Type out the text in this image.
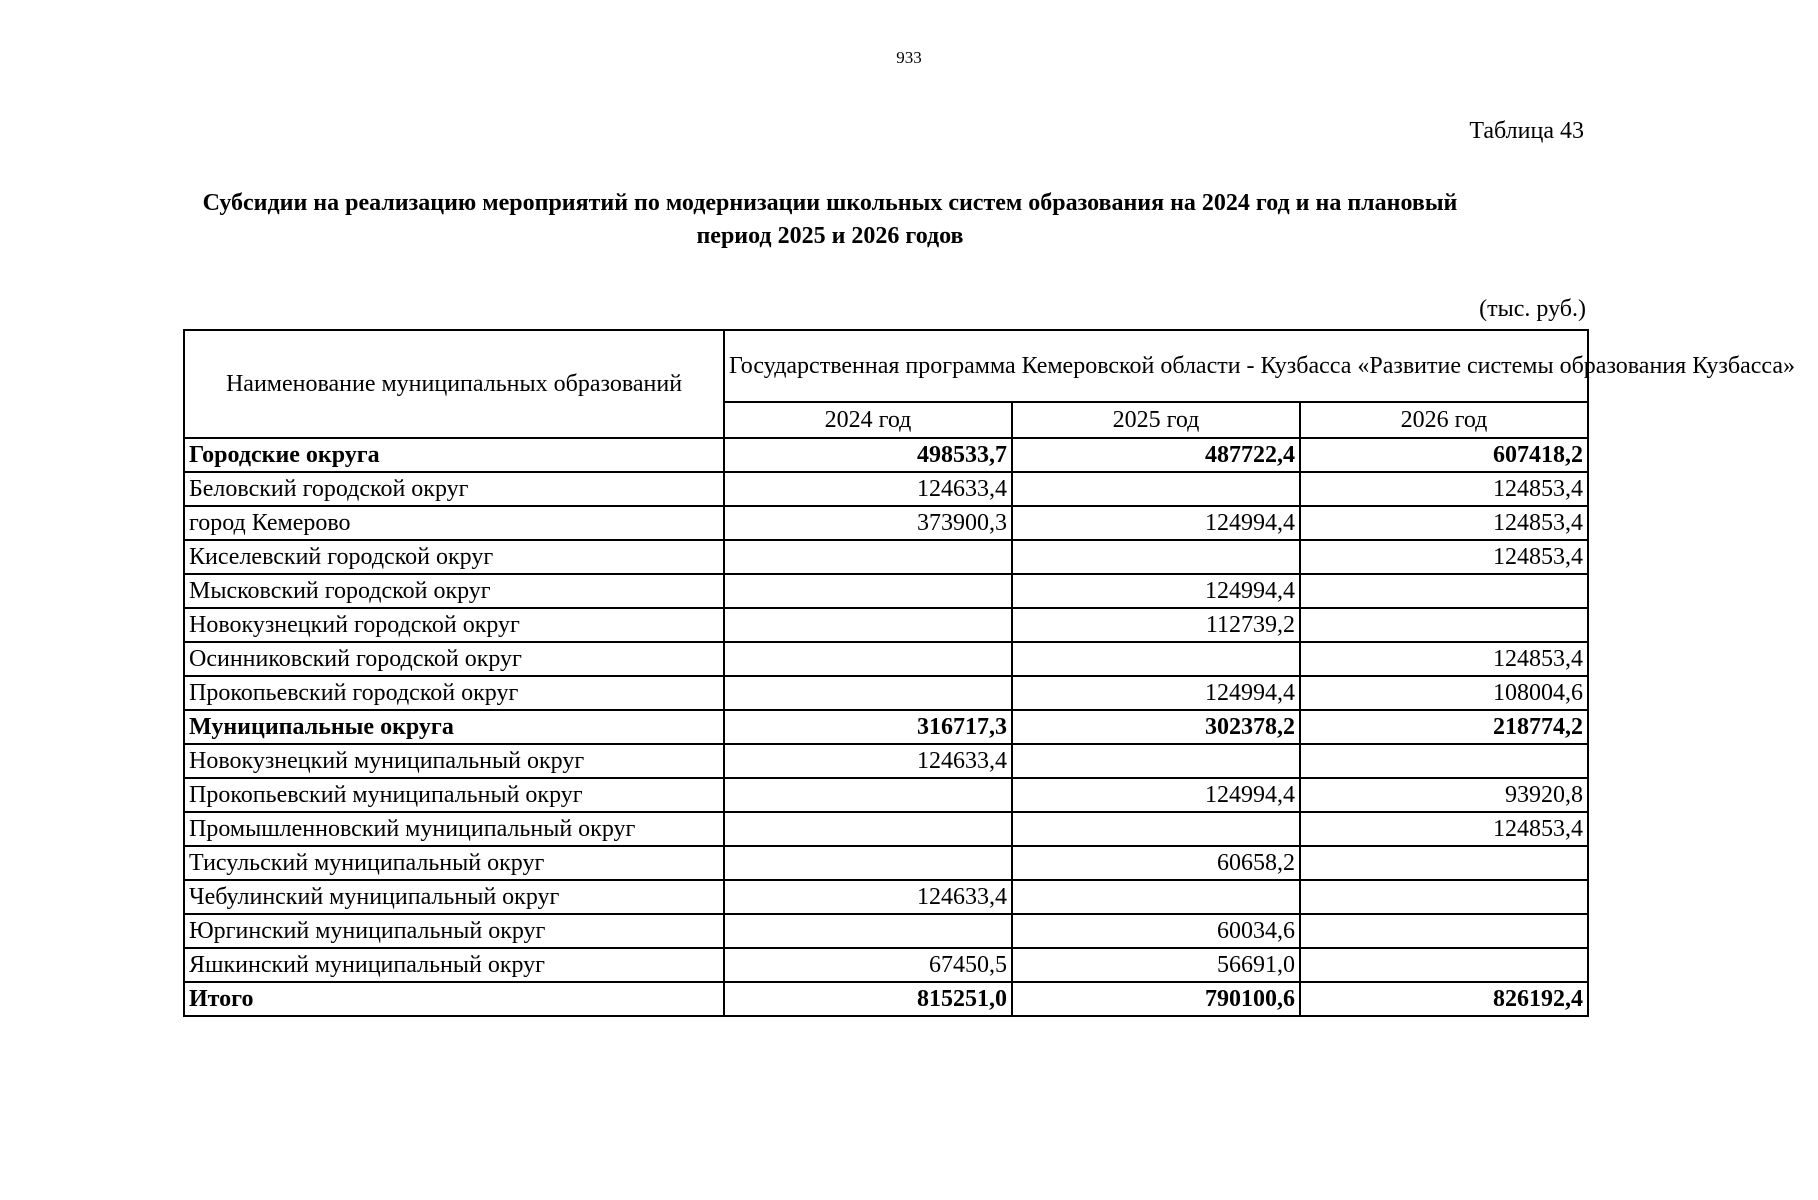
933
Таблица 43
Субсидии на реализацию мероприятий по модернизации школьных систем образования на 2024 год и на плановый период 2025 и 2026 годов
(тыс. руб.)
Наименование муниципальных образований	Государственная программа Кемеровской области - Кузбасса «Развитие системы образования Кузбасса»		
	2024 год	2025 год	2026 год
Городские округа	498533,7	487722,4	607418,2
Беловский городской округ	124633,4		124853,4
город Кемерово	373900,3	124994,4	124853,4
Киселевский городской округ			124853,4
Мысковский городской округ		124994,4	
Новокузнецкий городской округ		112739,2	
Осинниковский городской округ			124853,4
Прокопьевский городской округ		124994,4	108004,6
Муниципальные округа	316717,3	302378,2	218774,2
Новокузнецкий муниципальный округ	124633,4		
Прокопьевский муниципальный округ		124994,4	93920,8
Промышленновский муниципальный округ			124853,4
Тисульский муниципальный округ		60658,2	
Чебулинский муниципальный округ	124633,4		
Юргинский муниципальный округ		60034,6	
Яшкинский муниципальный округ	67450,5	56691,0	
Итого	815251,0	790100,6	826192,4
